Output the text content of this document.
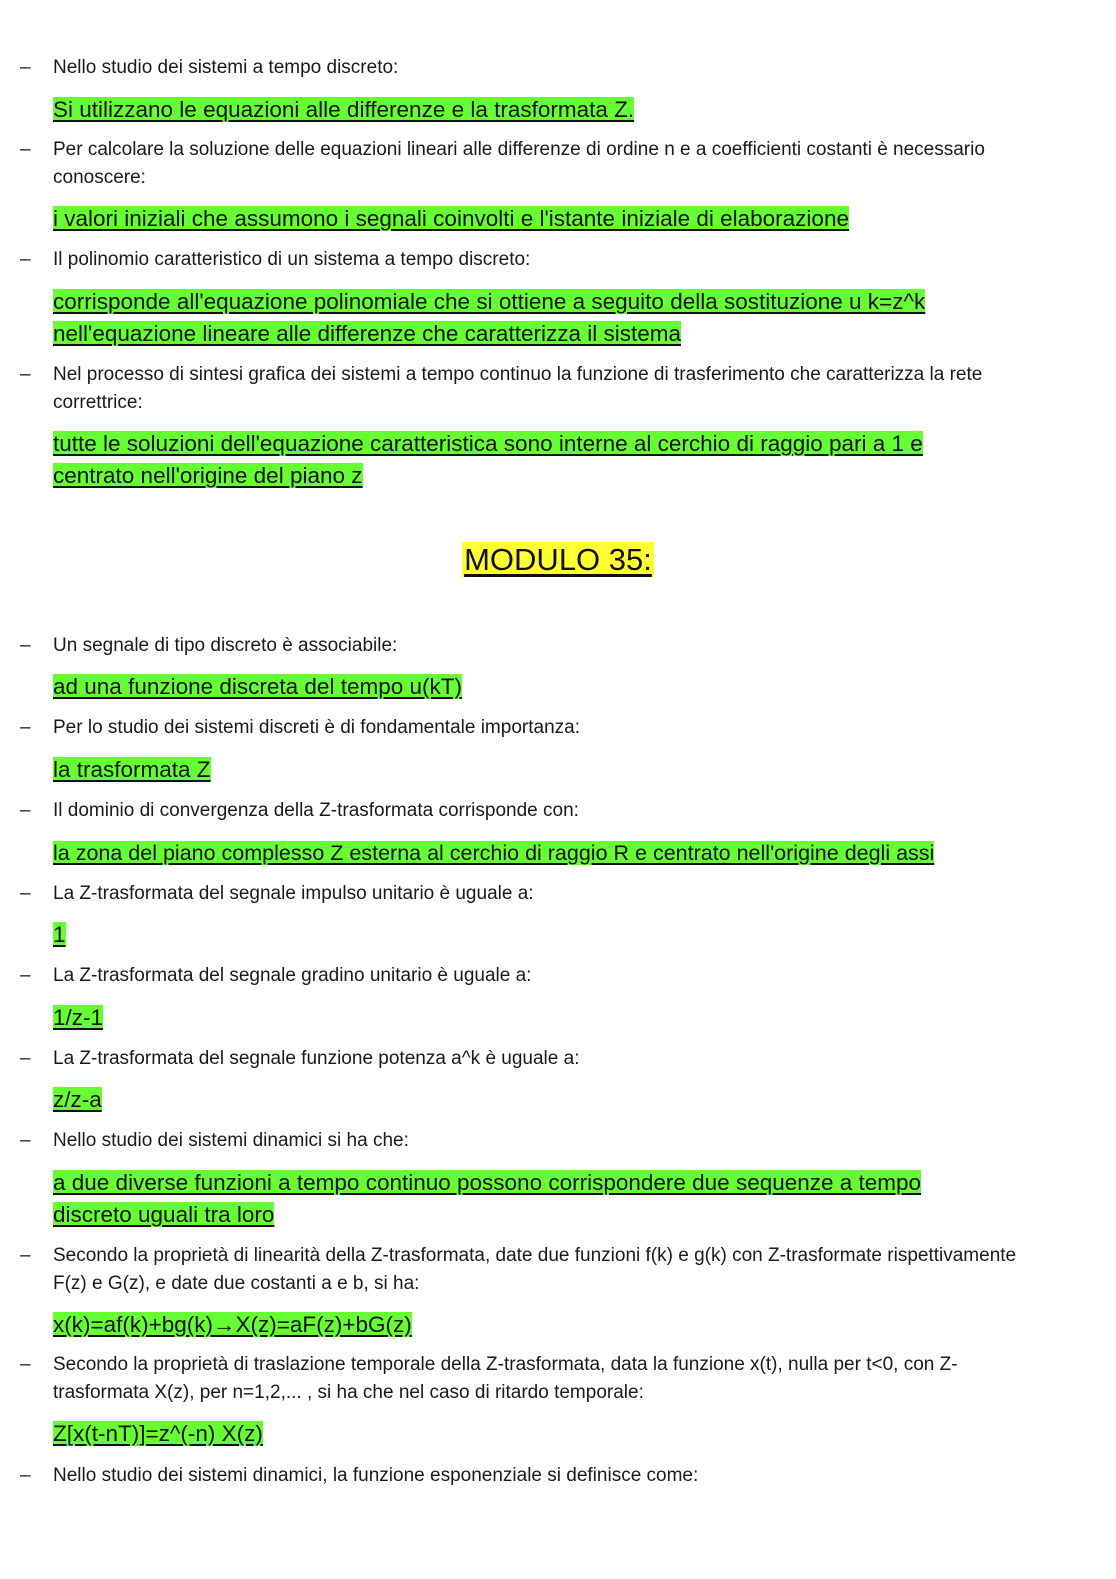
– Nello studio dei sistemi a tempo discreto:
Si utilizzano le equazioni alle differenze e la trasformata Z.
– Per calcolare la soluzione delle equazioni lineari alle differenze di ordine n e a coefficienti costanti è necessario conoscere:
i valori iniziali che assumono i segnali coinvolti e l'istante iniziale di elaborazione
– Il polinomio caratteristico di un sistema a tempo discreto:
corrisponde all'equazione polinomiale che si ottiene a seguito della sostituzione u k=z^k nell'equazione lineare alle differenze che caratterizza il sistema
– Nel processo di sintesi grafica dei sistemi a tempo continuo la funzione di trasferimento che caratterizza la rete correttrice:
tutte le soluzioni dell'equazione caratteristica sono interne al cerchio di raggio pari a 1 e centrato nell'origine del piano z
MODULO 35:
– Un segnale di tipo discreto è associabile:
ad una funzione discreta del tempo u(kT)
– Per lo studio dei sistemi discreti è di fondamentale importanza:
la trasformata Z
– Il dominio di convergenza della Z-trasformata corrisponde con:
la zona del piano complesso Z esterna al cerchio di raggio R e centrato nell'origine degli assi
– La Z-trasformata del segnale impulso unitario è uguale a:
1
– La Z-trasformata del segnale gradino unitario è uguale a:
1/z-1
– La Z-trasformata del segnale funzione potenza a^k è uguale a:
z/z-a
– Nello studio dei sistemi dinamici si ha che:
a due diverse funzioni a tempo continuo possono corrispondere due sequenze a tempo discreto uguali tra loro
– Secondo la proprietà di linearità della Z-trasformata, date due funzioni f(k) e g(k) con Z-trasformate rispettivamente F(z) e G(z), e date due costanti a e b, si ha:
x(k)=af(k)+bg(k)→X(z)=aF(z)+bG(z)
– Secondo la proprietà di traslazione temporale della Z-trasformata, data la funzione x(t), nulla per t<0, con Z-trasformata X(z), per n=1,2,... , si ha che nel caso di ritardo temporale:
Z[x(t-nT)]=z^(-n) X(z)
– Nello studio dei sistemi dinamici, la funzione esponenziale si definisce come:
